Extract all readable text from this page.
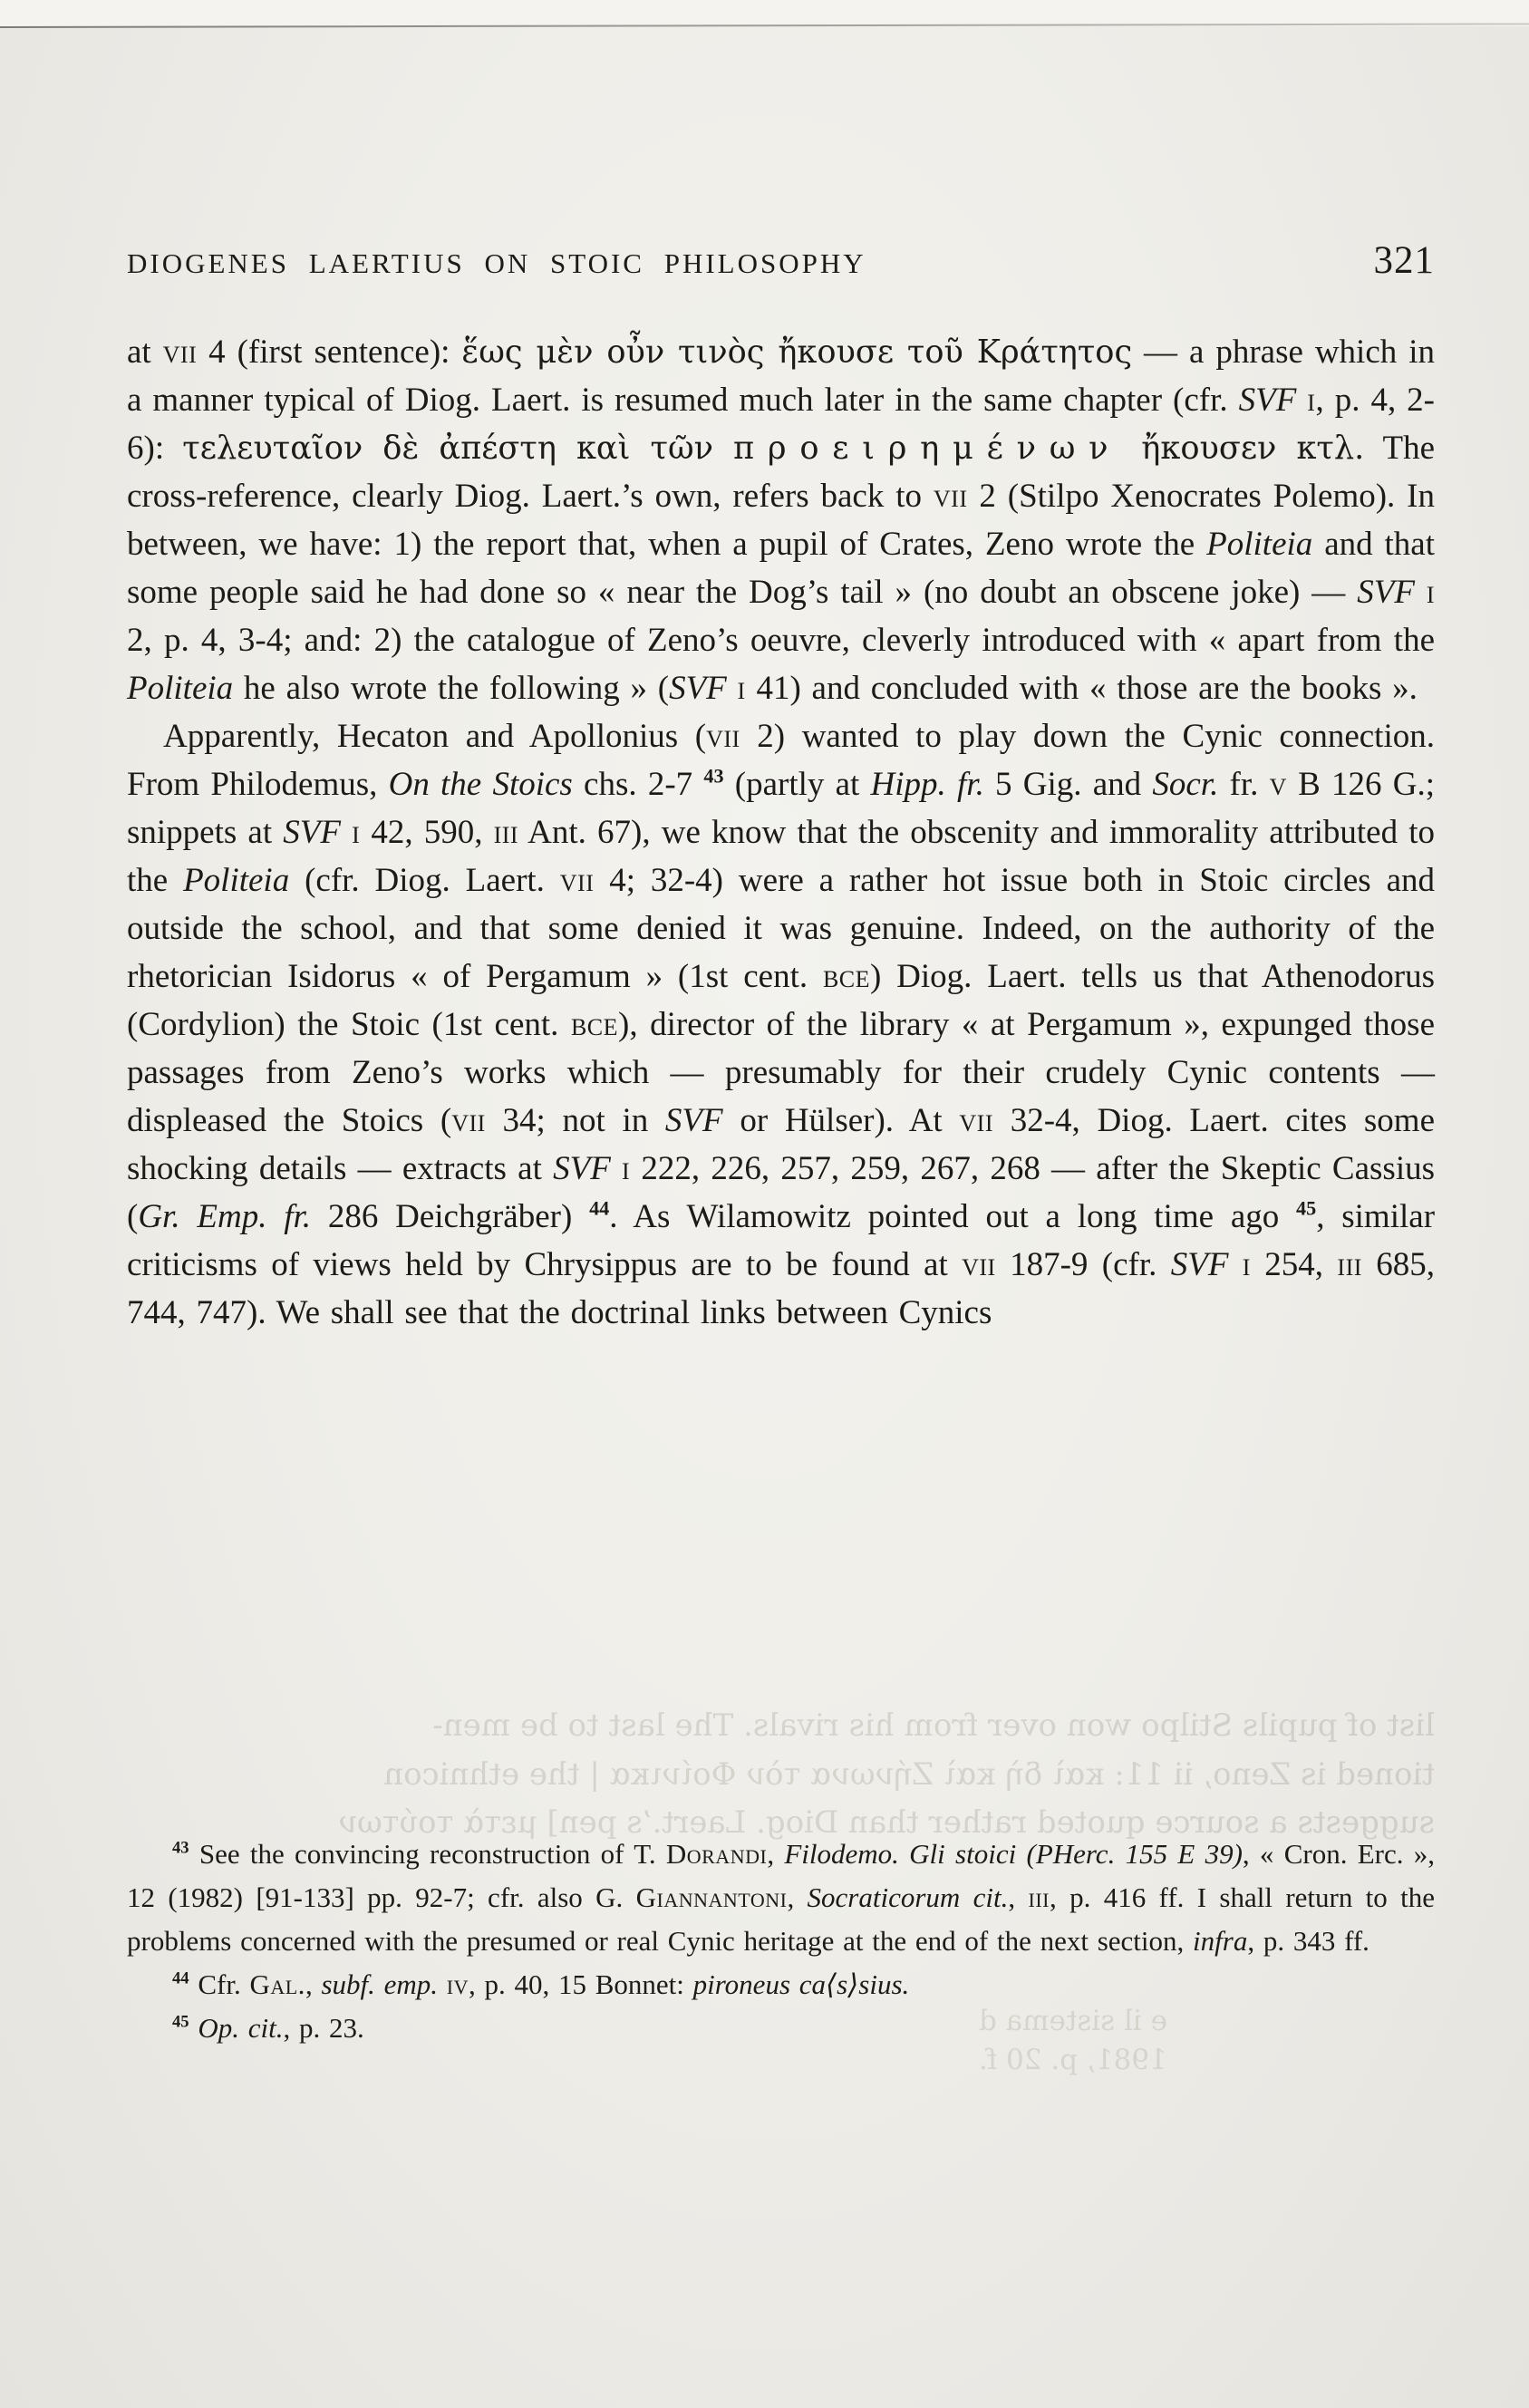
DIOGENES LAERTIUS ON STOIC PHILOSOPHY	321

at vii 4 (first sentence): ἕως μὲν οὖν τινὸς ἤκουσε τοῦ Κράτητος — a phrase which in a manner typical of Diog. Laert. is resumed much later in the same chapter (cfr. SVF i, p. 4, 2-6): τελευταῖον δὲ ἀπέστη καὶ τῶν προειρημένων ἤκουσεν κτλ. The cross-reference, clearly Diog. Laert.’s own, refers back to vii 2 (Stilpo Xenocrates Polemo). In between, we have: 1) the report that, when a pupil of Crates, Zeno wrote the Politeia and that some people said he had done so « near the Dog’s tail » (no doubt an obscene joke) — SVF i 2, p. 4, 3-4; and: 2) the catalogue of Zeno’s oeuvre, cleverly introduced with « apart from the Politeia he also wrote the following » (SVF i 41) and concluded with « those are the books ».

Apparently, Hecaton and Apollonius (vii 2) wanted to play down the Cynic connection. From Philodemus, On the Stoics chs. 2-7 $^{43}$ (partly at Hipp. fr. 5 Gig. and Socr. fr. v B 126 G.; snippets at SVF i 42, 590, iii Ant. 67), we know that the obscenity and immorality attributed to the Politeia (cfr. Diog. Laert. vii 4; 32-4) were a rather hot issue both in Stoic circles and outside the school, and that some denied it was genuine. Indeed, on the authority of the rhetorician Isidorus « of Pergamum » (1st cent. bce) Diog. Laert. tells us that Athenodorus (Cordylion) the Stoic (1st cent. bce), director of the library « at Pergamum », expunged those passages from Zeno’s works which — presumably for their crudely Cynic contents — displeased the Stoics (vii 34; not in SVF or Hülser). At vii 32-4, Diog. Laert. cites some shocking details — extracts at SVF i 222, 226, 257, 259, 267, 268 — after the Skeptic Cassius (Gr. Emp. fr. 286 Deichgräber) $^{44}$. As Wilamowitz pointed out a long time ago $^{45}$, similar criticisms of views held by Chrysippus are to be found at vii 187-9 (cfr. SVF i 254, iii 685, 744, 747). We shall see that the doctrinal links between Cynics

list of pupils Stilpo won over from his rivals. The last to be men-
tioned is Zeno, ii 11: καὶ δὴ καὶ Ζήνωνα τὸν Φοίνικα | the ethnicon
suggests a source quoted rather than Diog. Laert.’s pen] μετὰ τούτων
e il sistema d
1981, p. 20 f.

$^{43}$ See the convincing reconstruction of T. Dorandi, Filodemo. Gli stoici (PHerc. 155 E 39), « Cron. Erc. », 12 (1982) [91-133] pp. 92-7; cfr. also G. Giannantoni, Socraticorum cit., iii, p. 416 ff. I shall return to the problems concerned with the presumed or real Cynic heritage at the end of the next section, infra, p. 343 ff.

$^{44}$ Cfr. Gal., subf. emp. iv, p. 40, 15 Bonnet: pironeus ca⟨s⟩sius.

$^{45}$ Op. cit., p. 23.
